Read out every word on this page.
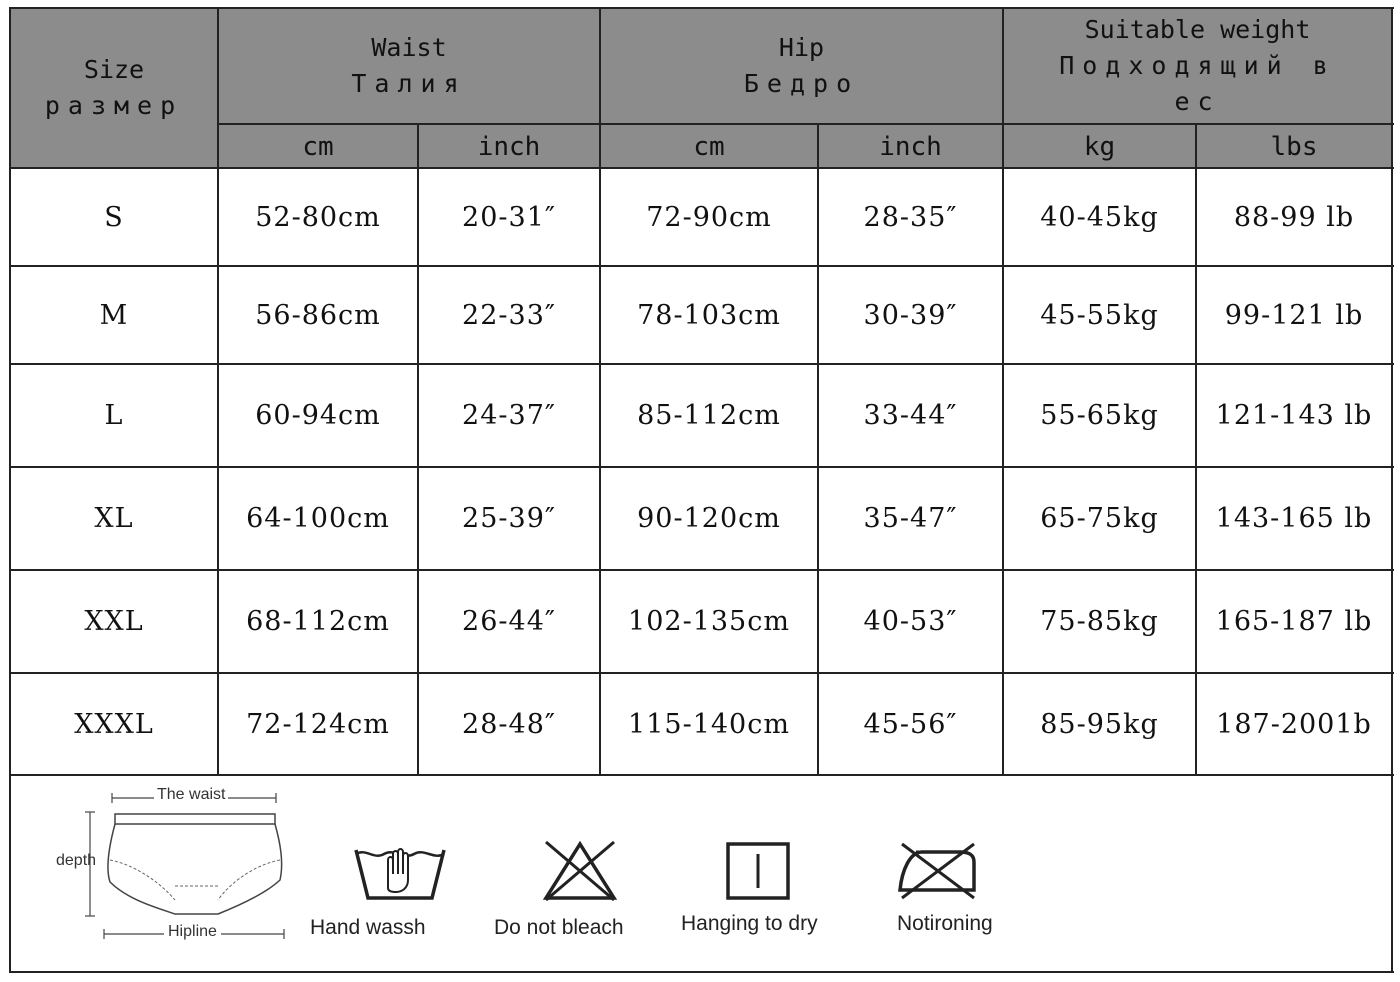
Size
размер
Waist
Талия
Hip
Бедро
Suitable weight
Подходящий в
ес
cm	inch	cm	inch	kg	lbs
S	52-80cm	20-31″	72-90cm	28-35″	40-45kg	88-99 lb
M	56-86cm	22-33″	78-103cm	30-39″	45-55kg	99-121 lb
L	60-94cm	24-37″	85-112cm	33-44″	55-65kg	121-143 lb
XL	64-100cm	25-39″	90-120cm	35-47″	65-75kg	143-165 lb
XXL	68-112cm	26-44″	102-135cm	40-53″	75-85kg	165-187 lb
XXXL	72-124cm	28-48″	115-140cm	45-56″	85-95kg	187-2001b
The waist
depth
Hipline	Hand wassh	Do not bleach	Hanging to dry	Notironing
